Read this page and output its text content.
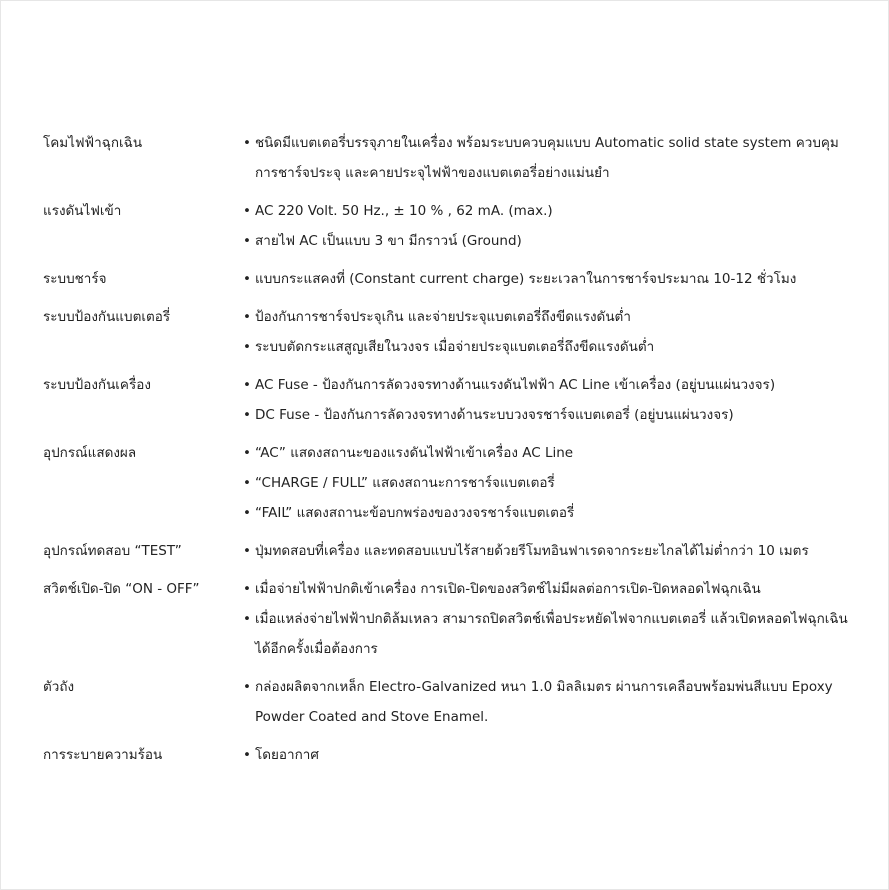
โคมไฟฟ้าฉุกเฉิน	• ชนิดมีแบตเตอรี่บรรจุภายในเครื่อง พร้อมระบบควบคุมแบบ Automatic solid state system ควบคุมการชาร์จประจุ และคายประจุไฟฟ้าของแบตเตอรี่อย่างแม่นยำ
แรงดันไฟเข้า	• AC 220 Volt. 50 Hz., ± 10 % , 62 mA. (max.)
• สายไฟ AC เป็นแบบ 3 ขา มีกราวน์ (Ground)
ระบบชาร์จ	• แบบกระแสคงที่ (Constant current charge) ระยะเวลาในการชาร์จประมาณ 10-12 ชั่วโมง
ระบบป้องกันแบตเตอรี่	• ป้องกันการชาร์จประจุเกิน และจ่ายประจุแบตเตอรี่ถึงขีดแรงดันต่ำ
• ระบบตัดกระแสสูญเสียในวงจร เมื่อจ่ายประจุแบตเตอรี่ถึงขีดแรงดันต่ำ
ระบบป้องกันเครื่อง	• AC Fuse - ป้องกันการลัดวงจรทางด้านแรงดันไฟฟ้า AC Line เข้าเครื่อง (อยู่บนแผ่นวงจร)
• DC Fuse - ป้องกันการลัดวงจรทางด้านระบบวงจรชาร์จแบตเตอรี่ (อยู่บนแผ่นวงจร)
อุปกรณ์แสดงผล	• “AC” แสดงสถานะของแรงดันไฟฟ้าเข้าเครื่อง AC Line
• “CHARGE / FULL” แสดงสถานะการชาร์จแบตเตอรี่
• “FAIL” แสดงสถานะข้อบกพร่องของวงจรชาร์จแบตเตอรี่
อุปกรณ์ทดสอบ “TEST”	• ปุ่มทดสอบที่เครื่อง และทดสอบแบบไร้สายด้วยรีโมทอินฟาเรดจากระยะไกลได้ไม่ต่ำกว่า 10 เมตร
สวิตช์เปิด-ปิด “ON - OFF”	• เมื่อจ่ายไฟฟ้าปกติเข้าเครื่อง การเปิด-ปิดของสวิตช์ไม่มีผลต่อการเปิด-ปิดหลอดไฟฉุกเฉิน
• เมื่อแหล่งจ่ายไฟฟ้าปกติล้มเหลว สามารถปิดสวิตช์เพื่อประหยัดไฟจากแบตเตอรี่ แล้วเปิดหลอดไฟฉุกเฉินได้อีกครั้งเมื่อต้องการ
ตัวถัง	• กล่องผลิตจากเหล็ก Electro-Galvanized หนา 1.0 มิลลิเมตร ผ่านการเคลือบพร้อมพ่นสีแบบ Epoxy Powder Coated and Stove Enamel.
การระบายความร้อน	• โดยอากาศ
